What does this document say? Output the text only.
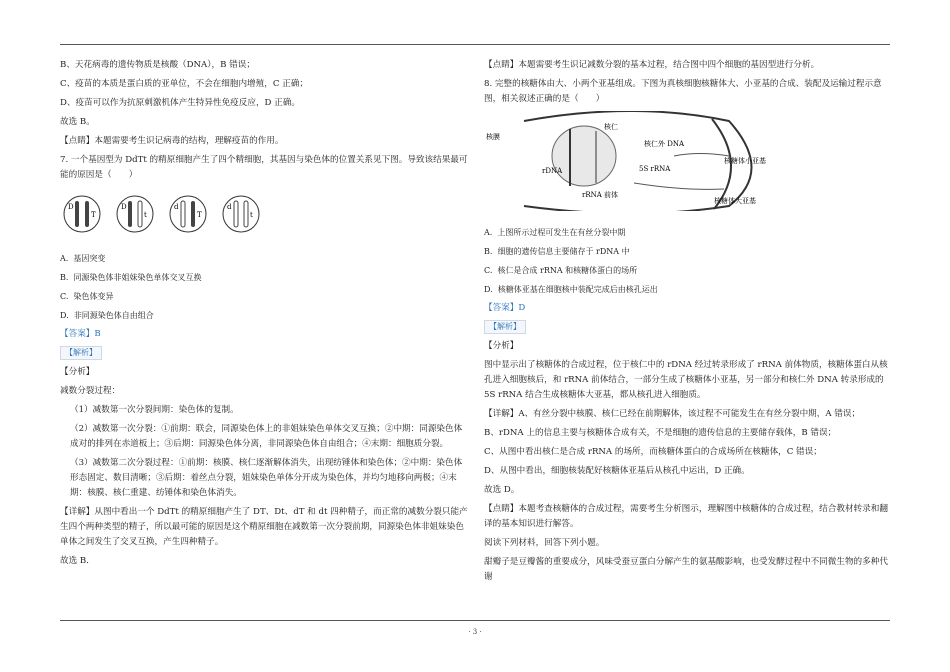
B、天花病毒的遗传物质是核酸（DNA），B 错误；

C、疫苗的本质是蛋白质的亚单位，不会在细胞内增殖，C 正确；

D、疫苗可以作为抗原刺激机体产生特异性免疫反应，D 正确。

故选 B。

【点睛】本题需要考生识记病毒的结构，理解疫苗的作用。

7. 一个基因型为 DdTt 的精原细胞产生了四个精细胞，其基因与染色体的位置关系见下图。导致该结果最可能的原因是（　　）

D
T
D
t
d
T
d
t

A.  基因突变

B.  同源染色体非姐妹染色单体交叉互换

C.  染色体变异

D.  非同源染色体自由组合

【答案】B

【解析】

【分析】

减数分裂过程：

（1）减数第一次分裂间期：染色体的复制。

（2）减数第一次分裂：①前期：联会，同源染色体上的非姐妹染色单体交叉互换；②中期：同源染色体成对的排列在赤道板上；③后期：同源染色体分离，非同源染色体自由组合；④末期：细胞质分裂。

（3）减数第二次分裂过程：①前期：核膜、核仁逐渐解体消失，出现纺锤体和染色体；②中期：染色体形态固定、数目清晰；③后期：着丝点分裂，姐妹染色单体分开成为染色体，并均匀地移向两极；④末期：核膜、核仁重建、纺锤体和染色体消失。

【详解】从图中看出一个 DdTt 的精原细胞产生了 DT、Dt、dT 和 dt 四种精子，而正常的减数分裂只能产生四个两种类型的精子，所以最可能的原因是这个精原细胞在减数第一次分裂前期，同源染色体非姐妹染色单体之间发生了交叉互换，产生四种精子。

故选 B．

【点睛】本题需要考生识记减数分裂的基本过程，结合图中四个细胞的基因型进行分析。

8. 完整的核糖体由大、小两个亚基组成。下图为真核细胞核糖体大、小亚基的合成、装配及运输过程示意图，相关叙述正确的是（　　）

核膜
核仁
核仁外 DNA
rDNA
rRNA 前体
5S rRNA
核糖体小亚基
核糖体大亚基

A.  上图所示过程可发生在有丝分裂中期

B.  细胞的遗传信息主要储存于 rDNA 中

C.  核仁是合成 rRNA 和核糖体蛋白的场所

D.  核糖体亚基在细胞核中装配完成后由核孔运出

【答案】D

【解析】

【分析】

图中显示出了核糖体的合成过程，位于核仁中的 rDNA 经过转录形成了 rRNA 前体物质，核糖体蛋白从核孔进入细胞核后，和 rRNA 前体结合，一部分生成了核糖体小亚基，另一部分和核仁外 DNA 转录形成的 5S rRNA 结合生成核糖体大亚基，都从核孔进入细胞质。

【详解】A、有丝分裂中核膜、核仁已经在前期解体，该过程不可能发生在有丝分裂中期，A 错误；

B、rDNA 上的信息主要与核糖体合成有关，不是细胞的遗传信息的主要储存载体，B 错误；

C、从图中看出核仁是合成 rRNA 的场所，而核糖体蛋白的合成场所在核糖体，C 错误；

D、从图中看出，细胞核装配好核糖体亚基后从核孔中运出，D 正确。

故选 D。

【点睛】本题考查核糖体的合成过程，需要考生分析图示，理解图中核糖体的合成过程，结合教材转录和翻译的基本知识进行解答。

阅读下列材料，回答下列小题。

甜瓣子是豆瓣酱的重要成分，风味受蚕豆蛋白分解产生的氨基酸影响，也受发酵过程中不同微生物的多种代谢

· 3 ·
